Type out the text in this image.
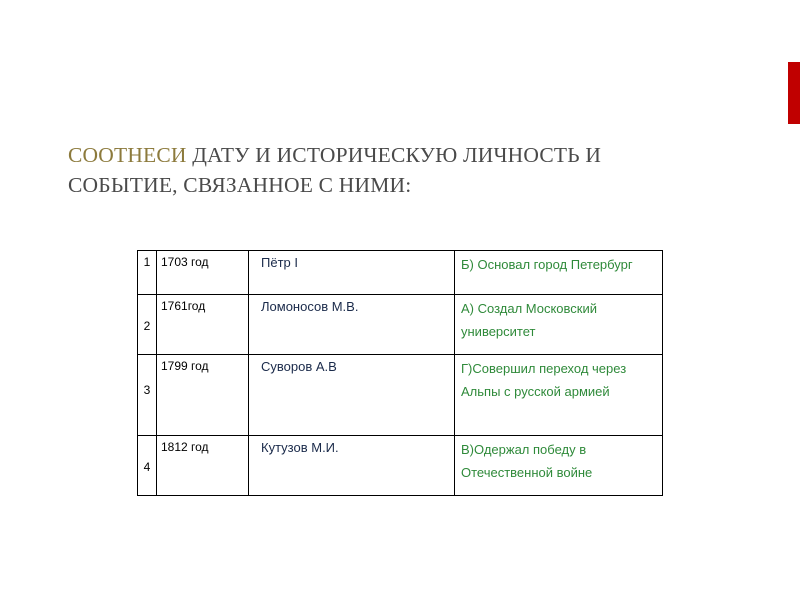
СООТНЕСИ ДАТУ И ИСТОРИЧЕСКУЮ ЛИЧНОСТЬ И
СОБЫТИЕ, СВЯЗАННОЕ С НИМИ:
1	1703 год	Пётр I	Б) Основал город Петербург

2	1761год	Ломоносов М.В.	А) Создал Московский университет

3	1799 год	Суворов А.В	Г)Совершил переход через Альпы с русской армией

4	1812 год	Кутузов М.И.	В)Одержал победу в Отечественной войне
